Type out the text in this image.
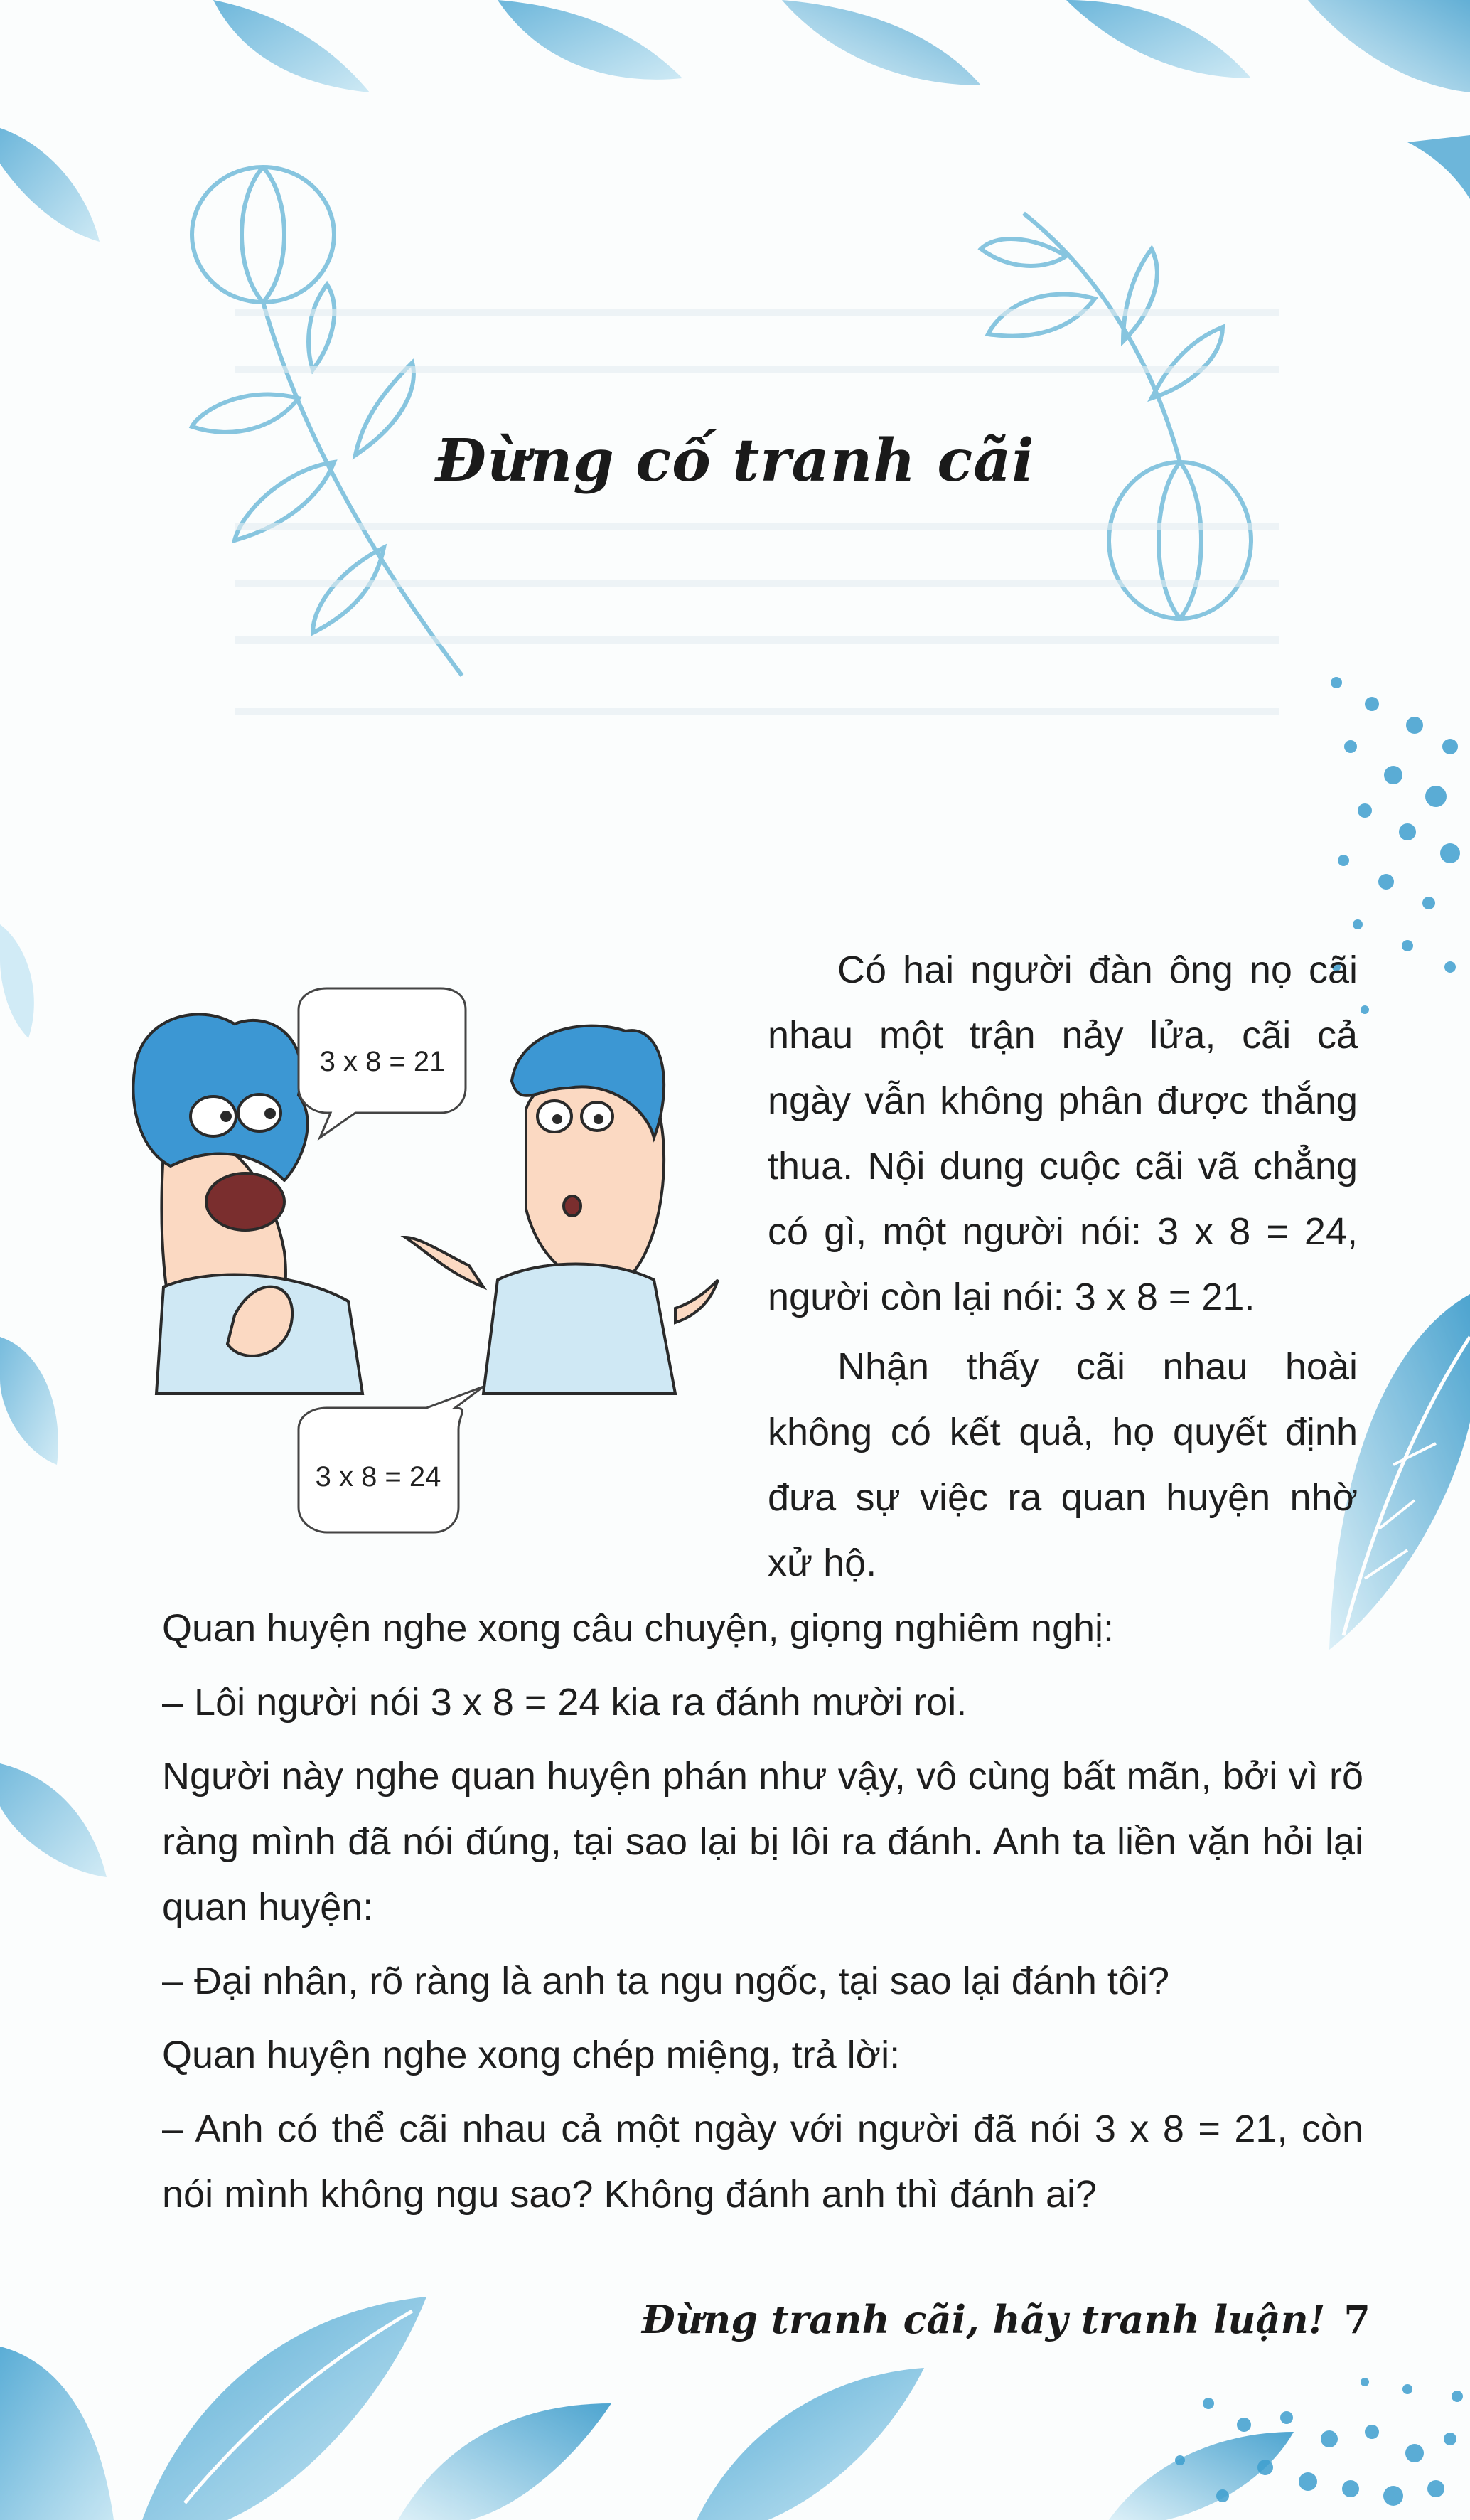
3 x 8 = 21
3 x 8 = 24
Đừng cố tranh cãi

Có hai người đàn ông nọ cãi nhau một trận nảy lửa, cãi cả ngày vẫn không phân được thắng thua. Nội dung cuộc cãi vã chẳng có gì, một người nói: 3 x 8 = 24, người còn lại nói: 3 x 8 = 21.

Nhận thấy cãi nhau hoài không có kết quả, họ quyết định đưa sự việc ra quan huyện nhờ xử hộ.

Quan huyện nghe xong câu chuyện, giọng nghiêm nghị:

– Lôi người nói 3 x 8 = 24 kia ra đánh mười roi.

Người này nghe quan huyện phán như vậy, vô cùng bất mãn, bởi vì rõ ràng mình đã nói đúng, tại sao lại bị lôi ra đánh. Anh ta liền vặn hỏi lại quan huyện:

– Đại nhân, rõ ràng là anh ta ngu ngốc, tại sao lại đánh tôi?

Quan huyện nghe xong chép miệng, trả lời:

– Anh có thể cãi nhau cả một ngày với người đã nói 3 x 8 = 21, còn nói mình không ngu sao? Không đánh anh thì đánh ai?

Đừng tranh cãi, hãy tranh luận! 7
